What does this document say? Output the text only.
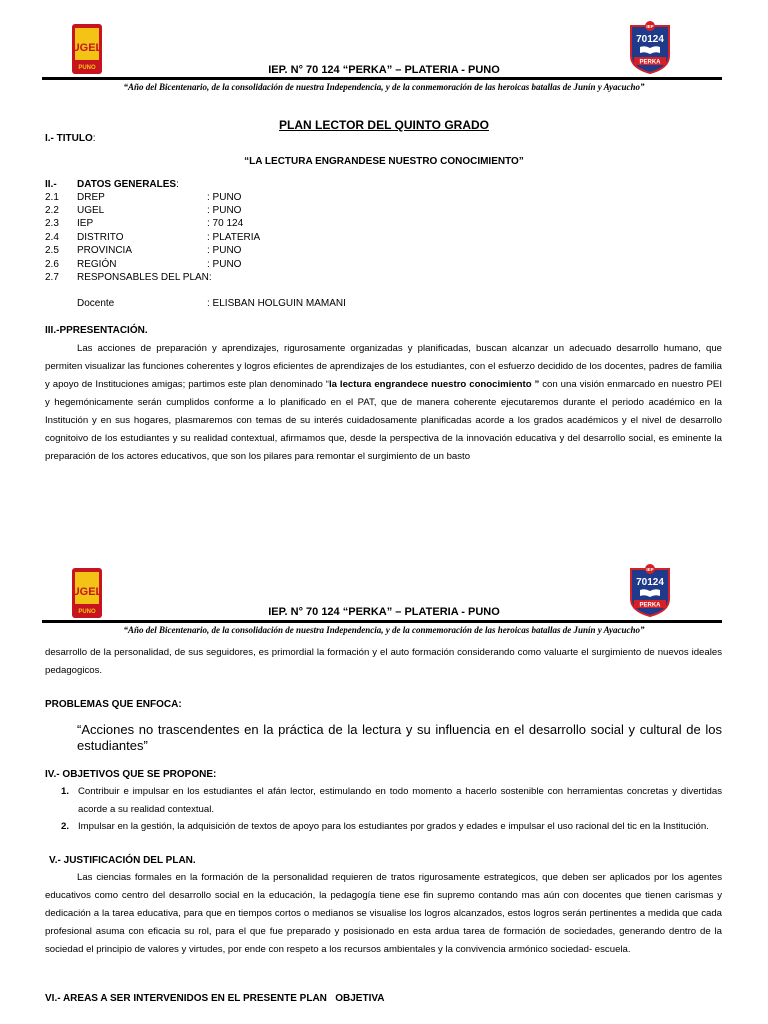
UGEL
PUNO
IEP
70124
PERKA
IEP. N° 70 124 “PERKA” – PLATERIA - PUNO
“Año del Bicentenario, de la consolidación de nuestra Independencia, y de la conmemoración de las heroicas batallas de Junín y Ayacucho”
PLAN LECTOR DEL QUINTO GRADO
I.- TITULO:
“LA LECTURA ENGRANDESE NUESTRO CONOCIMIENTO”
II.- DATOS GENERALES:
2.1 DREP	: PUNO
2.2 UGEL	: PUNO
2.3 IEP	: 70 124
2.4 DISTRITO	: PLATERIA
2.5 PROVINCIA	: PUNO
2.6 REGIÓN	: PUNO
2.7 RESPONSABLES DEL PLAN:
Docente	: ELISBAN HOLGUIN MAMANI
III.-PPRESENTACIÓN.
Las acciones de preparación y aprendizajes, rigurosamente organizadas y planificadas, buscan alcanzar un adecuado desarrollo humano, que permiten visualizar las funciones coherentes y logros eficientes de aprendizajes de los estudiantes, con el esfuerzo decidido de los docentes, padres de familia y apoyo de Instituciones amigas; partimos este plan denominado “la lectura engrandece nuestro conocimiento ” con una visión enmarcado en nuestro PEI y hegemónicamente serán cumplidos conforme a lo planificado en el PAT, que de manera coherente ejecutaremos durante el periodo académico en la Institución y en sus hogares, plasmaremos con temas de su interés cuidadosamente planificadas acorde a los grados académicos y el nivel de desarrollo cognitoivo de los estudiantes y su realidad contextual, afirmamos que, desde la perspectiva de la innovación educativa y del desarrollo social, es eminente la preparación de los actores educativos, que son los pilares para remontar el surgimiento de un basto
UGEL
PUNO
IEP
70124
PERKA
IEP. N° 70 124 “PERKA” – PLATERIA - PUNO
“Año del Bicentenario, de la consolidación de nuestra Independencia, y de la conmemoración de las heroicas batallas de Junín y Ayacucho”
desarrollo de la personalidad, de sus seguidores, es primordial la formación y el auto formación considerando como valuarte el surgimiento de nuevos ideales pedagogicos.
PROBLEMAS QUE ENFOCA:
“Acciones no trascendentes en la práctica de la lectura y su influencia en el desarrollo social y cultural de los estudiantes”
IV.- OBJETIVOS QUE SE PROPONE:
1. Contribuir e impulsar en los estudiantes el afán lector, estimulando en todo momento a hacerlo sostenible con herramientas concretas y divertidas acorde a su realidad contextual.
2. Impulsar en la gestión, la adquisición de textos de apoyo para los estudiantes por grados y edades e impulsar el uso racional del tic en la Institución.
V.- JUSTIFICACIÓN DEL PLAN.
Las ciencias formales en la formación de la personalidad requieren de tratos rigurosamente estrategicos, que deben ser aplicados por los agentes educativos como centro del desarrollo social en la educación, la pedagogía tiene ese fin supremo contando mas aún con docentes que tienen carismas y dedicación a la tarea educativa, para que en tiempos cortos o medianos se visualise los logros alcanzados, estos logros serán pertinentes a medida que cada profesional asuma con eficacia su rol, para el que fue preparado y posisionado en esta ardua tarea de formación de sociedades, generando dentro de la sociedad el principio de valores y virtudes, por ende con respeto a los recursos ambientales y la convivencia armónico sociedad- escuela.
VI.- AREAS A SER INTERVENIDOS EN EL PRESENTE PLAN   OBJETIVA
